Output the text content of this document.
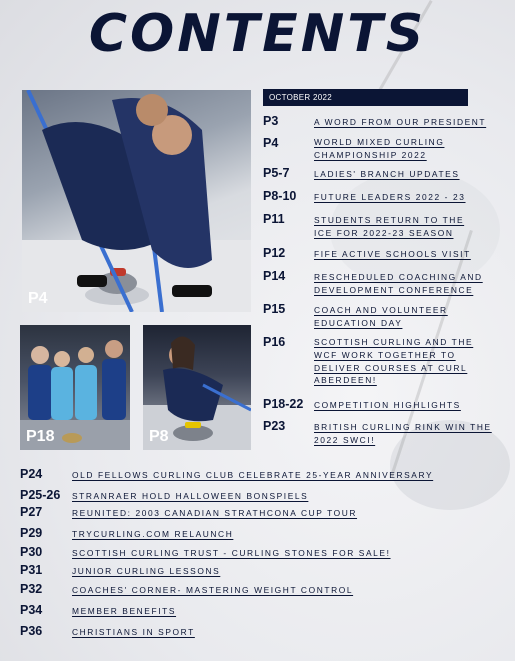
CONTENTS
P4
P18	P8
OCTOBER 2022
P3	A WORD FROM OUR PRESIDENT
P4	WORLD MIXED CURLING CHAMPIONSHIP 2022
P5-7	LADIES' BRANCH UPDATES
P8-10 FUTURE LEADERS 2022 - 23
P11	STUDENTS RETURN TO THE ICE FOR 2022-23 SEASON
P12	FIFE ACTIVE SCHOOLS VISIT
P14	RESCHEDULED COACHING AND DEVELOPMENT CONFERENCE
P15	COACH AND VOLUNTEER EDUCATION DAY
P16	SCOTTISH CURLING AND THE WCF WORK TOGETHER TO DELIVER COURSES AT CURL ABERDEEN!
P18-22 COMPETITION HIGHLIGHTS
P23	BRITISH CURLING RINK WIN THE 2022 SWCI!
P24	OLD FELLOWS CURLING CLUB CELEBRATE 25-YEAR ANNIVERSARY
P25-26 STRANRAER HOLD HALLOWEEN BONSPIELS
P27	REUNITED: 2003 CANADIAN STRATHCONA CUP TOUR
P29	TRYCURLING.COM RELAUNCH
P30	SCOTTISH CURLING TRUST - CURLING STONES FOR SALE!
P31	JUNIOR CURLING LESSONS
P32	COACHES' CORNER- MASTERING WEIGHT CONTROL
P34	MEMBER BENEFITS
P36	CHRISTIANS IN SPORT
